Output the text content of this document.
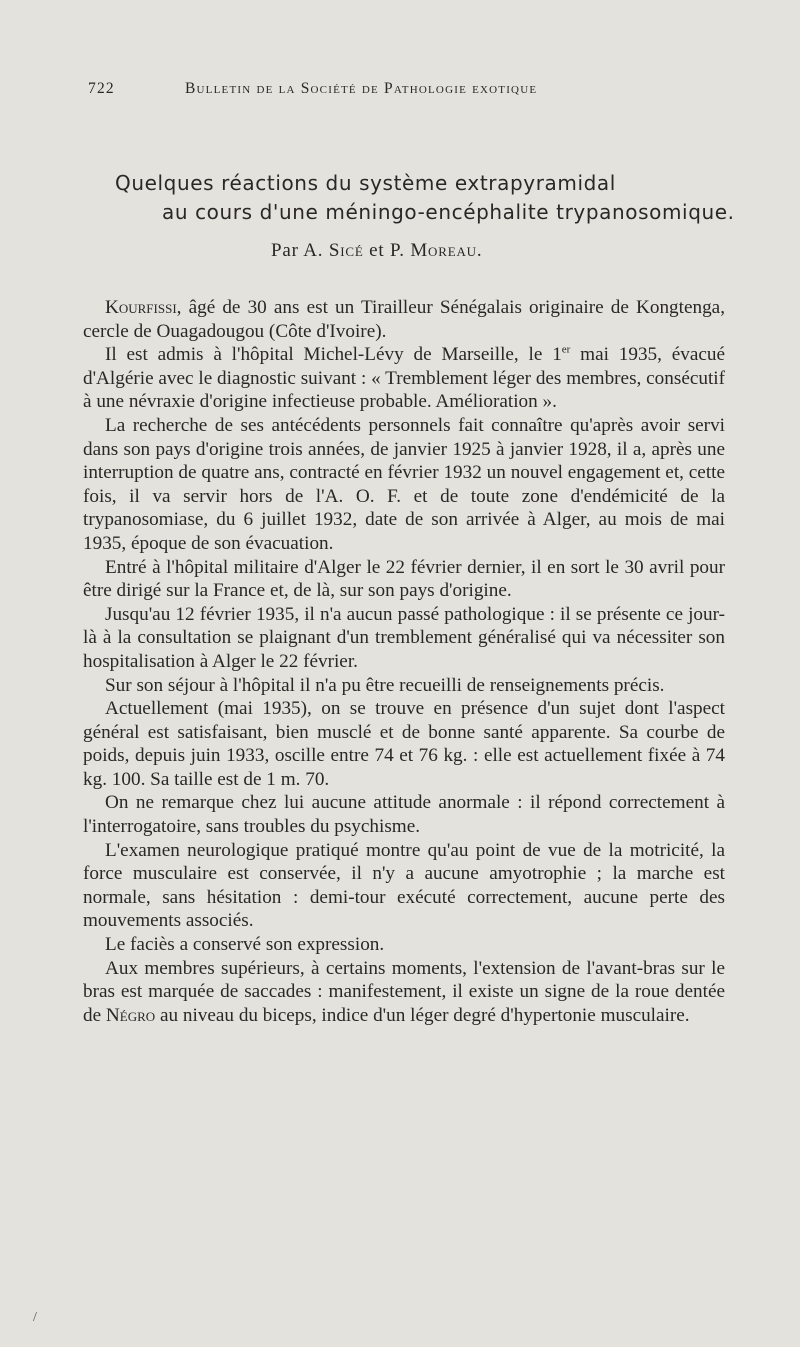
722	Bulletin de la Société de Pathologie exotique
Quelques réactions du système extrapyramidal
au cours d'une méningo-encéphalite trypanosomique.
Par A. Sicé et P. Moreau.

Kourfissi, âgé de 30 ans est un Tirailleur Sénégalais originaire de Kongtenga, cercle de Ouagadougou (Côte d'Ivoire).

Il est admis à l'hôpital Michel-Lévy de Marseille, le 1er mai 1935, évacué d'Algérie avec le diagnostic suivant : « Tremblement léger des membres, consécutif à une névraxie d'origine infectieuse probable. Amélioration ».

La recherche de ses antécédents personnels fait connaître qu'après avoir servi dans son pays d'origine trois années, de janvier 1925 à janvier 1928, il a, après une interruption de quatre ans, contracté en février 1932 un nouvel engagement et, cette fois, il va servir hors de l'A. O. F. et de toute zone d'endémicité de la trypanosomiase, du 6 juillet 1932, date de son arrivée à Alger, au mois de mai 1935, époque de son évacuation.

Entré à l'hôpital militaire d'Alger le 22 février dernier, il en sort le 30 avril pour être dirigé sur la France et, de là, sur son pays d'origine.

Jusqu'au 12 février 1935, il n'a aucun passé pathologique : il se présente ce jour-là à la consultation se plaignant d'un tremblement généralisé qui va nécessiter son hospitalisation à Alger le 22 février.

Sur son séjour à l'hôpital il n'a pu être recueilli de renseignements précis.

Actuellement (mai 1935), on se trouve en présence d'un sujet dont l'aspect général est satisfaisant, bien musclé et de bonne santé apparente. Sa courbe de poids, depuis juin 1933, oscille entre 74 et 76 kg. : elle est actuellement fixée à 74 kg. 100. Sa taille est de 1 m. 70.

On ne remarque chez lui aucune attitude anormale : il répond correctement à l'interrogatoire, sans troubles du psychisme.

L'examen neurologique pratiqué montre qu'au point de vue de la motricité, la force musculaire est conservée, il n'y a aucune amyotrophie ; la marche est normale, sans hésitation : demi-tour exécuté correctement, aucune perte des mouvements associés.

Le faciès a conservé son expression.

Aux membres supérieurs, à certains moments, l'extension de l'avant-bras sur le bras est marquée de saccades : manifestement, il existe un signe de la roue dentée de Négro au niveau du biceps, indice d'un léger degré d'hypertonie musculaire.

/
